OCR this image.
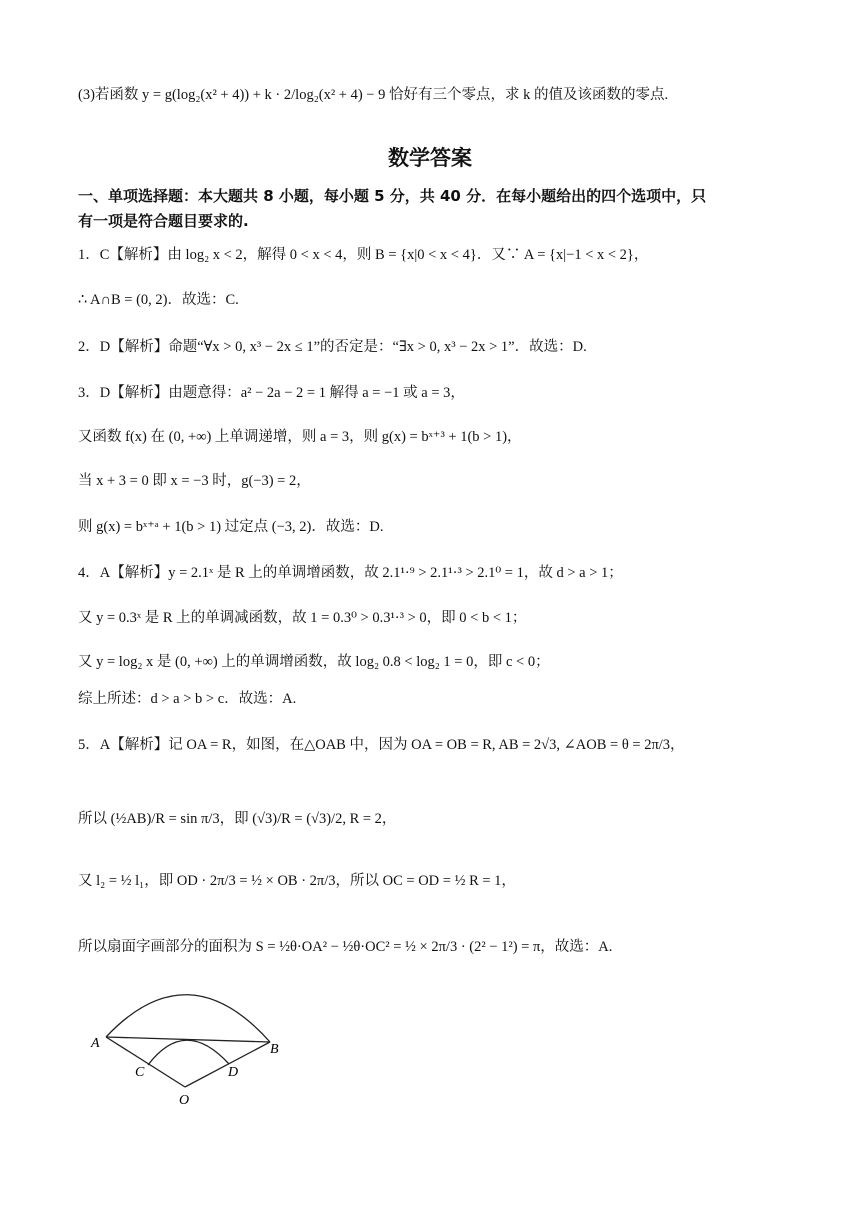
(3)若函数 y = g(log₂(x² + 4)) + k · 2/log₂(x² + 4) − 9 恰好有三个零点，求 k 的值及该函数的零点.
数学答案
一、单项选择题：本大题共 8 小题，每小题 5 分，共 40 分．在每小题给出的四个选项中，只
有一项是符合题目要求的.
1．C【解析】由 log₂ x < 2，解得 0 < x < 4，则 B = {x|0 < x < 4}．又∵ A = {x|−1 < x < 2}，
∴ A∩B = (0, 2)．故选：C.
2．D【解析】命题“∀x > 0, x³ − 2x ≤ 1”的否定是：“∃x > 0, x³ − 2x > 1”．故选：D.
3．D【解析】由题意得：a² − 2a − 2 = 1 解得 a = −1 或 a = 3，
又函数 f(x) 在 (0, +∞) 上单调递增，则 a = 3，则 g(x) = bˣ⁺³ + 1(b > 1)，
当 x + 3 = 0 即 x = −3 时，g(−3) = 2，
则 g(x) = bˣ⁺ᵃ + 1(b > 1) 过定点 (−3, 2)．故选：D.
4．A【解析】y = 2.1ˣ 是 R 上的单调增函数，故 2.1¹·⁹ > 2.1¹·³ > 2.1⁰ = 1，故 d > a > 1；
又 y = 0.3ˣ 是 R 上的单调减函数，故 1 = 0.3⁰ > 0.3¹·³ > 0，即 0 < b < 1；
又 y = log₂ x 是 (0, +∞) 上的单调增函数，故 log₂ 0.8 < log₂ 1 = 0，即 c < 0；
综上所述：d > a > b > c．故选：A.
5．A【解析】记 OA = R，如图，在△OAB 中，因为 OA = OB = R, AB = 2√3, ∠AOB = θ = 2π/3，
所以 (½AB)/R = sin π/3，即 (√3)/R = (√3)/2, R = 2，
又 l₂ = ½ l₁，即 OD · 2π/3 = ½ × OB · 2π/3，所以 OC = OD = ½ R = 1，
所以扇面字画部分的面积为 S = ½θ·OA² − ½θ·OC² = ½ × 2π/3 · (2² − 1²) = π，故选：A.
A	B
C	D
O
